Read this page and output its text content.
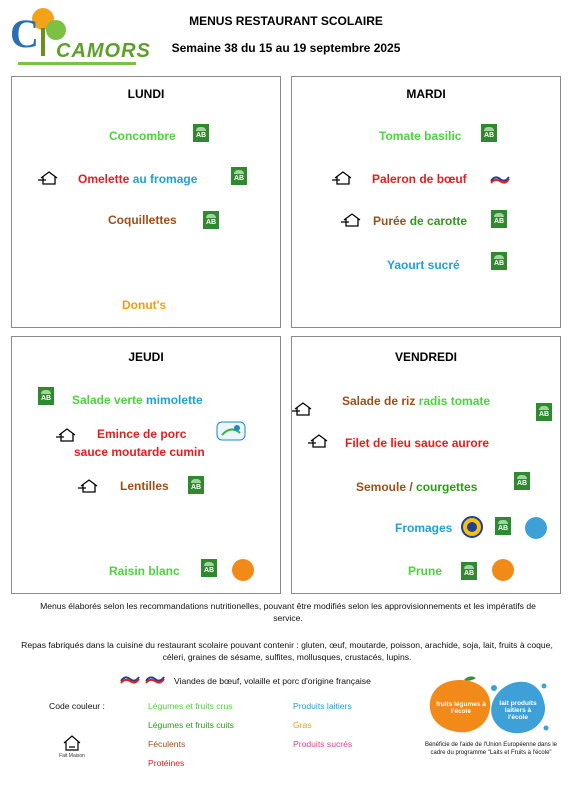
C CAMORS
MENUS RESTAURANT SCOLAIRE
Semaine 38 du 15 au 19 septembre 2025
LUNDI
Concombre	AB
Omelette au fromage	AB
Coquillettes	AB
Donut's
MARDI
Tomate basilic	AB
Paleron de bœuf
Purée de carotte	AB
Yaourt sucré	AB
JEUDI
AB Salade verte mimolette
Emince de porc
sauce moutarde cumin
Lentilles	AB
Raisin blanc	AB
VENDREDI
Salade de riz radis tomate
AB
Filet de lieu sauce aurore
Semoule / courgettes	AB
Fromages	AB
Prune	AB
Menus élaborés selon les recommandations nutritionelles, pouvant être modifiés selon les approvisionnements et les impératifs de service.
Repas fabriqués dans la cuisine du restaurant scolaire pouvant contenir : gluten, œuf, moutarde, poisson, arachide, soja, lait, fruits à coque, céleri, graines de sésame, sulfites, mollusques, crustacés, lupins.
Viandes de bœuf, volaille et porc d'origine française
Code couleur :	Légumes et fruits crus	Produits laitiers
Légumes et fruits cuits	Gras
Féculents	Produits sucrés
Protéines
Fait Maison
fruits légumes à l'école
lait produits laitiers à l'école
Bénéficie de l'aide de l'Union Européenne dans le cadre du programme "Laits et Fruits à l'école"
